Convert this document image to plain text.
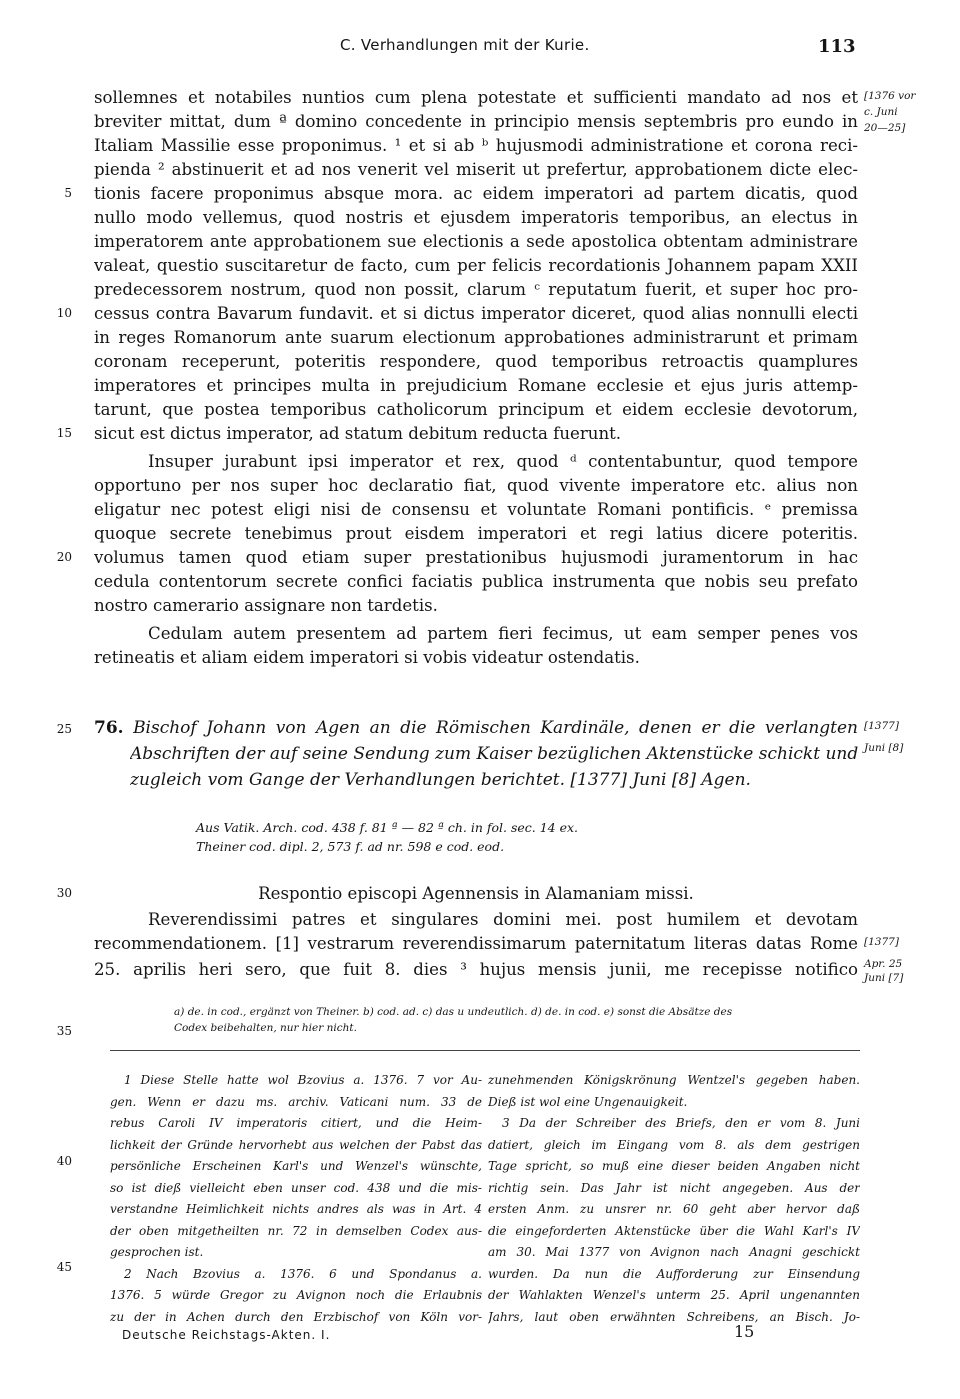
C. Verhandlungen mit der Kurie.	113
sollemnes et notabiles nuntios cum plena potestate et sufficienti mandato ad nos et
breviter mittat, dum ª domino concedente in principio mensis septembris pro eundo in
Italiam Massilie esse proponimus. ¹ et si ab ᵇ hujusmodi administratione et corona reci-
pienda ² abstinuerit et ad nos venerit vel miserit ut prefertur, approbationem dicte elec-
tionis facere proponimus absque mora. ac eidem imperatori ad partem dicatis, quod
nullo modo vellemus, quod nostris et ejusdem imperatoris temporibus, an electus in
imperatorem ante approbationem sue electionis a sede apostolica obtentam administrare
valeat, questio suscitaretur de facto, cum per felicis recordationis Johannem papam XXII
predecessorem nostrum, quod non possit, clarum ᶜ reputatum fuerit, et super hoc pro-
cessus contra Bavarum fundavit. et si dictus imperator diceret, quod alias nonnulli electi
in reges Romanorum ante suarum electionum approbationes administrarunt et primam
coronam receperunt, poteritis respondere, quod temporibus retroactis quamplures
imperatores et principes multa in prejudicium Romane ecclesie et ejus juris attemp-
tarunt, que postea temporibus catholicorum principum et eidem ecclesie devotorum,
sicut est dictus imperator, ad statum debitum reducta fuerunt.
Insuper jurabunt ipsi imperator et rex, quod ᵈ contentabuntur, quod tempore
opportuno per nos super hoc declaratio fiat, quod vivente imperatore etc. alius non
eligatur nec potest eligi nisi de consensu et voluntate Romani pontificis. ᵉ premissa
quoque secrete tenebimus prout eisdem imperatori et regi latius dicere poteritis.
volumus tamen quod etiam super prestationibus hujusmodi juramentorum in hac
cedula contentorum secrete confici faciatis publica instrumenta que nobis seu prefato
nostro camerario assignare non tardetis.
Cedulam autem presentem ad partem fieri fecimus, ut eam semper penes vos
retineatis et aliam eidem imperatori si vobis videatur ostendatis.
5
10
15
20
25
30
35
40
45
[1376 vor
c. Juni
20—25]
[1377]
Juni [8]
[1377]
Apr. 25
Juni [7]
76. Bischof Johann von Agen an die Römischen Kardinäle, denen er die verlangten
Abschriften der auf seine Sendung zum Kaiser bezüglichen Aktenstücke schickt und
zugleich vom Gange der Verhandlungen berichtet. [1377] Juni [8] Agen.
Aus Vatik. Arch. cod. 438 f. 81 ª — 82 ª ch. in fol. sec. 14 ex.
Theiner cod. dipl. 2, 573 f. ad nr. 598 e cod. eod.
Respontio episcopi Agennensis in Alamaniam missi.
Reverendissimi patres et singulares domini mei. post humilem et devotam
recommendationem. [1] vestrarum reverendissimarum paternitatum literas datas Rome
25. aprilis heri sero, que fuit 8. dies ³ hujus mensis junii, me recepisse notifico
a) de. in cod., ergänzt von Theiner. b) cod. ad. c) das u undeutlich. d) de. in cod. e) sonst die Absätze des
Codex beibehalten, nur hier nicht.
1 Diese Stelle hatte wol Bzovius a. 1376. 7 vor Au-
gen. Wenn er dazu ms. archiv. Vaticani num. 33 de
rebus Caroli IV imperatoris citiert, und die Heim-
lichkeit der Gründe hervorhebt aus welchen der Pabst das
persönliche Erscheinen Karl's und Wenzel's wünschte,
so ist dieß vielleicht eben unser cod. 438 und die mis-
verstandne Heimlichkeit nichts andres als was in Art. 4
der oben mitgetheilten nr. 72 in demselben Codex aus-
gesprochen ist.
2 Nach Bzovius a. 1376. 6 und Spondanus a.
1376. 5 würde Gregor zu Avignon noch die Erlaubnis
zu der in Achen durch den Erzbischof von Köln vor-
zunehmenden Königskrönung Wentzel's gegeben haben.
Dieß ist wol eine Ungenauigkeit.
3 Da der Schreiber des Briefs, den er vom 8. Juni
datiert, gleich im Eingang vom 8. als dem gestrigen
Tage spricht, so muß eine dieser beiden Angaben nicht
richtig sein. Das Jahr ist nicht angegeben. Aus der
ersten Anm. zu unsrer nr. 60 geht aber hervor daß
die eingeforderten Aktenstücke über die Wahl Karl's IV
am 30. Mai 1377 von Avignon nach Anagni geschickt
wurden. Da nun die Aufforderung zur Einsendung
der Wahlakten Wenzel's unterm 25. April ungenannten
Jahrs, laut oben erwähnten Schreibens, an Bisch. Jo-
Deutsche Reichstags-Akten. I.	15
